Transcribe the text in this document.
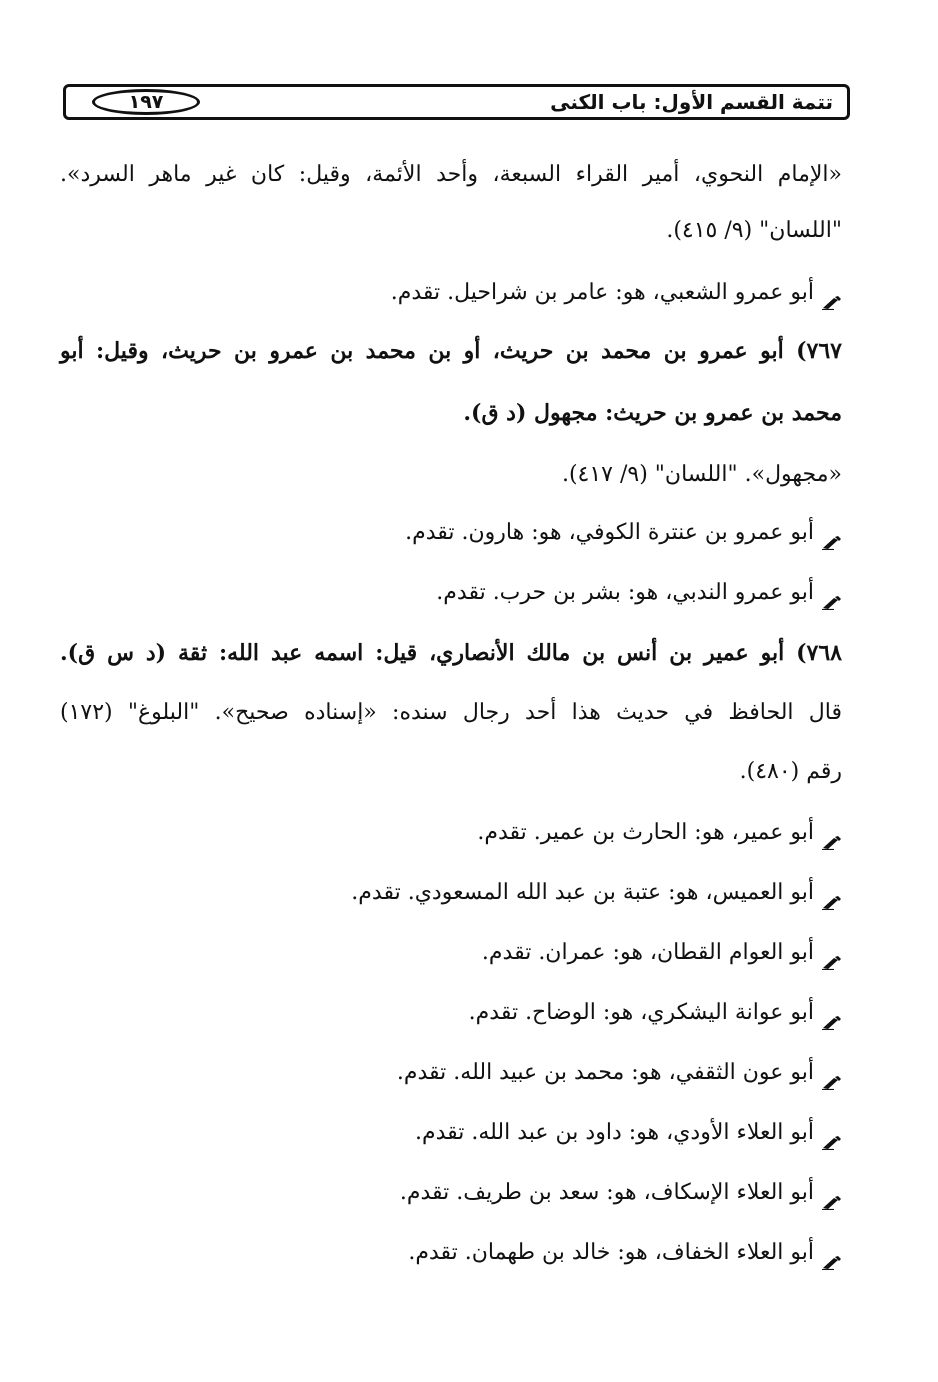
تتمة القسم الأول: باب الكنى
١٩٧
«الإمام النحوي، أمير القراء السبعة، وأحد الأئمة، وقيل: كان غير ماهر السرد».
"اللسان" (٩/ ٤١٥).
أبو عمرو الشعبي، هو: عامر بن شراحيل. تقدم.
٧٦٧) أبو عمرو بن محمد بن حريث، أو بن محمد بن عمرو بن حريث، وقيل: أبو
محمد بن عمرو بن حريث: مجهول (د ق).
«مجهول». "اللسان" (٩/ ٤١٧).
أبو عمرو بن عنترة الكوفي، هو: هارون. تقدم.
أبو عمرو الندبي، هو: بشر بن حرب. تقدم.
٧٦٨) أبو عمير بن أنس بن مالك الأنصاري، قيل: اسمه عبد الله: ثقة (د س ق).
قال الحافظ في حديث هذا أحد رجال سنده: «إسناده صحيح». "البلوغ" (١٧٢)
رقم (٤٨٠).
أبو عمير، هو: الحارث بن عمير. تقدم.
أبو العميس، هو: عتبة بن عبد الله المسعودي. تقدم.
أبو العوام القطان، هو: عمران. تقدم.
أبو عوانة اليشكري، هو: الوضاح. تقدم.
أبو عون الثقفي، هو: محمد بن عبيد الله. تقدم.
أبو العلاء الأودي، هو: داود بن عبد الله. تقدم.
أبو العلاء الإسكاف، هو: سعد بن طريف. تقدم.
أبو العلاء الخفاف، هو: خالد بن طهمان. تقدم.
